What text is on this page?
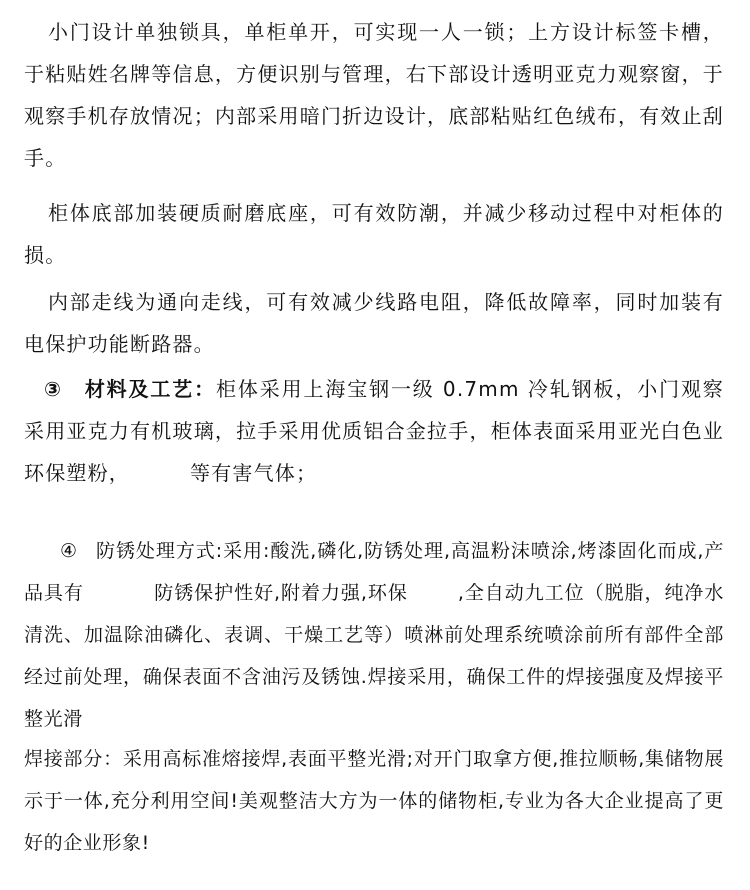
小门设计单独锁具，单柜单开，可实现一人一锁；上方设计标签卡槽，于粘贴姓名牌等信息，方便识别与管理，右下部设计透明亚克力观察窗，于观察手机存放情况；内部采用暗门折边设计，底部粘贴红色绒布，有效止刮手。

柜体底部加装硬质耐磨底座，可有效防潮，并减少移动过程中对柜体的损。

内部走线为通向走线，可有效减少线路电阻，降低故障率，同时加装有电保护功能断路器。

③ 材料及工艺：柜体采用上海宝钢一级 0.7mm 冷轧钢板，小门观察采用亚克力有机玻璃，拉手采用优质铝合金拉手，柜体表面采用亚光白色业环保塑粉，	等有害气体；

④ 防锈处理方式:采用:酸洗,磷化,防锈处理,高温粉沫喷涂,烤漆固化而成,产品具有	防锈保护性好,附着力强,环保	,全自动九工位（脱脂，纯净水清洗、加温除油磷化、表调、干燥工艺等）喷淋前处理系统喷涂前所有部件全部经过前处理，确保表面不含油污及锈蚀.焊接采用，确保工件的焊接强度及焊接平整光滑

焊接部分：采用高标准熔接焊,表面平整光滑;对开门取拿方便,推拉顺畅,集储物展示于一体,充分利用空间!美观整洁大方为一体的储物柜,专业为各大企业提高了更好的企业形象!
